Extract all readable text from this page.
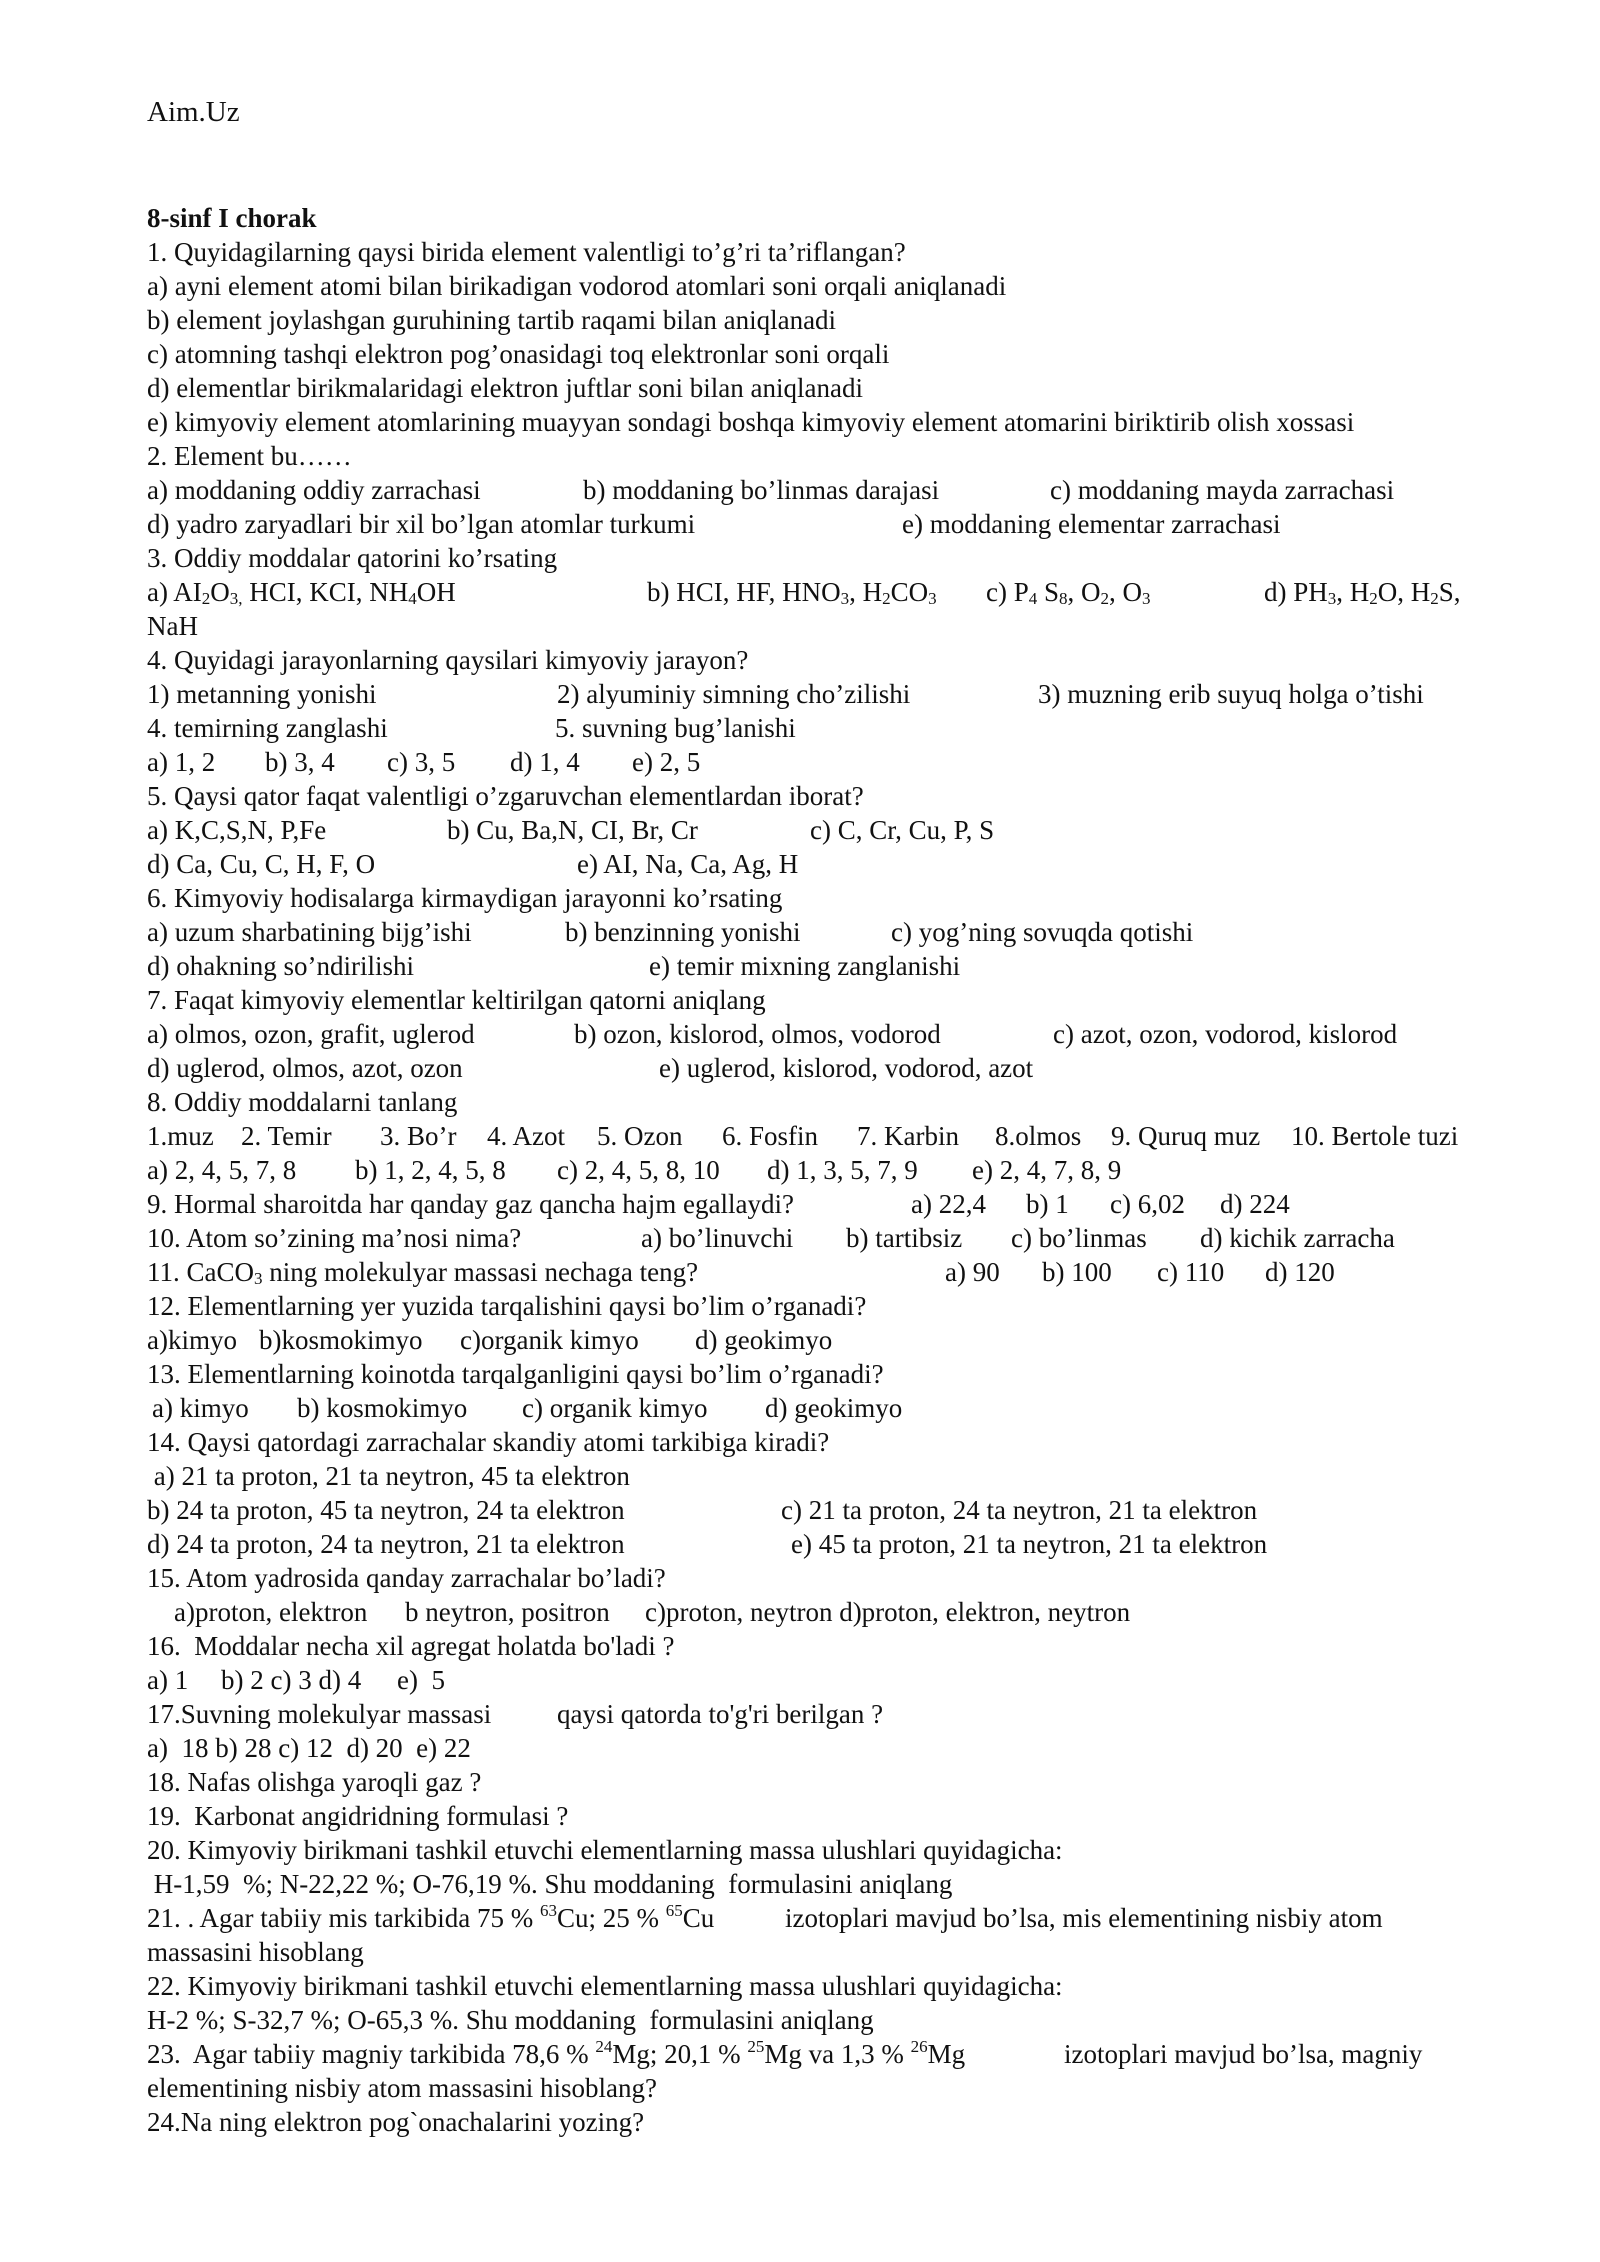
Aim.Uz
8-sinf I chorak
1. Quyidagilarning qaysi birida element valentligi to’g’ri ta’riflangan?
a) ayni element atomi bilan birikadigan vodorod atomlari soni orqali aniqlanadi
b) element joylashgan guruhining tartib raqami bilan aniqlanadi
c) atomning tashqi elektron pog’onasidagi toq elektronlar soni orqali
d) elementlar birikmalaridagi elektron juftlar soni bilan aniqlanadi
e) kimyoviy element atomlarining muayyan sondagi boshqa kimyoviy element atomarini biriktirib olish xossasi
2. Element bu……

a) moddaning oddiy zarrachasi

	b) moddaning bo’linmas darajasi

	c) moddaning mayda zarrachasi

d) yadro zaryadlari bir xil bo’lgan atomlar turkumi

	e) moddaning elementar zarrachasi

3. Oddiy moddalar qatorini ko’rsating

a) $AI_2O_{3,}$ HCI, KCI, $NH_4OH$

	b) HCI, HF, $HNO_3$, $H_2CO_3$

c) $P_4$ $S_8$, $O_2$, $O_3$

	d) $PH_3$, $H_2O$, $H_2S$,

NaH
4. Quyidagi jarayonlarning qaysilari kimyoviy jarayon?

1) metanning yonishi

	2) alyuminiy simning cho’zilishi

	3) muzning erib suyuq holga o’tishi

4. temirning zanglashi

	5. suvning bug’lanishi

a) 1, 2

b) 3, 4

c) 3, 5

d) 1, 4

e) 2, 5

5. Qaysi qator faqat valentligi o’zgaruvchan elementlardan iborat?

a) K,C,S,N, P,Fe

	b) Cu, Ba,N, CI, Br, Cr

	c) C, Cr, Cu, P, S

d) Ca, Cu, C, H, F, O

	e) AI, Na, Ca, Ag, H

6. Kimyoviy hodisalarga kirmaydigan jarayonni ko’rsating

a) uzum sharbatining bijg’ishi

	b) benzinning yonishi

	c) yog’ning sovuqda qotishi

d) ohakning so’ndirilishi

	e) temir mixning zanglanishi

7. Faqat kimyoviy elementlar keltirilgan qatorni aniqlang

a) olmos, ozon, grafit, uglerod

	b) ozon, kislorod, olmos, vodorod

	c) azot, ozon, vodorod, kislorod

d) uglerod, olmos, azot, ozon

	e) uglerod, kislorod, vodorod, azot

8. Oddiy moddalarni tanlang

1.muz

2. Temir

3. Bo’r

4. Azot

5. Ozon

6. Fosfin

7. Karbin

8.olmos

9. Quruq muz

10. Bertole tuzi

a) 2, 4, 5, 7, 8

b) 1, 2, 4, 5, 8

c) 2, 4, 5, 8, 10

d) 1, 3, 5, 7, 9

e) 2, 4, 7, 8, 9

9. Hormal sharoitda har qanday gaz qancha hajm egallaydi?

	a) 22,4

b) 1

c) 6,02

d) 224

10. Atom so’zining ma’nosi nima?

	a) bo’linuvchi

b) tartibsiz

c) bo’linmas

d) kichik zarracha

11. CaCO$_3$ ning molekulyar massasi nechaga teng?

	a) 90

b) 100

c) 110

d) 120

12. Elementlarning yer yuzida tarqalishini qaysi bo’lim o’rganadi?

a)kimyo

b)kosmokimyo

c)organik kimyo

d) geokimyo

13. Elementlarning koinotda tarqalganligini qaysi bo’lim o’rganadi?

a) kimyo

b) kosmokimyo

c) organik kimyo

d) geokimyo

14. Qaysi qatordagi zarrachalar skandiy atomi tarkibiga kiradi?
a) 21 ta proton, 21 ta neytron, 45 ta elektron

b) 24 ta proton, 45 ta neytron, 24 ta elektron

	c) 21 ta proton, 24 ta neytron, 21 ta elektron

d) 24 ta proton, 24 ta neytron, 21 ta elektron

	e) 45 ta proton, 21 ta neytron, 21 ta elektron

15. Atom yadrosida qanday zarrachalar bo’ladi?

a)proton, elektron

b neytron, positron

c)proton, neytron d)proton, elektron, neytron

16.  Moddalar necha xil agregat holatda bo'ladi ?

a) 1

b) 2 c) 3 d) 4

e)  5

17.Suvning molekulyar massasi

qaysi qatorda to'g'ri berilgan ?

a)  18 b) 28 c) 12  d) 20  e) 22
18. Nafas olishga yaroqli gaz ?
19.  Karbonat angidridning formulasi ?
20. Kimyoviy birikmani tashkil etuvchi elementlarning massa ulushlari quyidagicha:
H-1,59  %; N-22,22 %; O-76,19 %. Shu moddaning  formulasini aniqlang

21. . Agar tabiiy mis tarkibida 75 % $^{63}$Cu; 25 % $^{65}$Cu

	izotoplari mavjud bo’lsa, mis elementining nisbiy atom

massasini hisoblang
22. Kimyoviy birikmani tashkil etuvchi elementlarning massa ulushlari quyidagicha:
H-2 %; S-32,7 %; O-65,3 %. Shu moddaning  formulasini aniqlang

23.  Agar tabiiy magniy tarkibida 78,6 % $^{24}$Mg; 20,1 % $^{25}$Mg va 1,3 % $^{26}$Mg

	izotoplari mavjud bo’lsa, magniy

elementining nisbiy atom massasini hisoblang?
24.Na ning elektron pog`onachalarini yozing?
